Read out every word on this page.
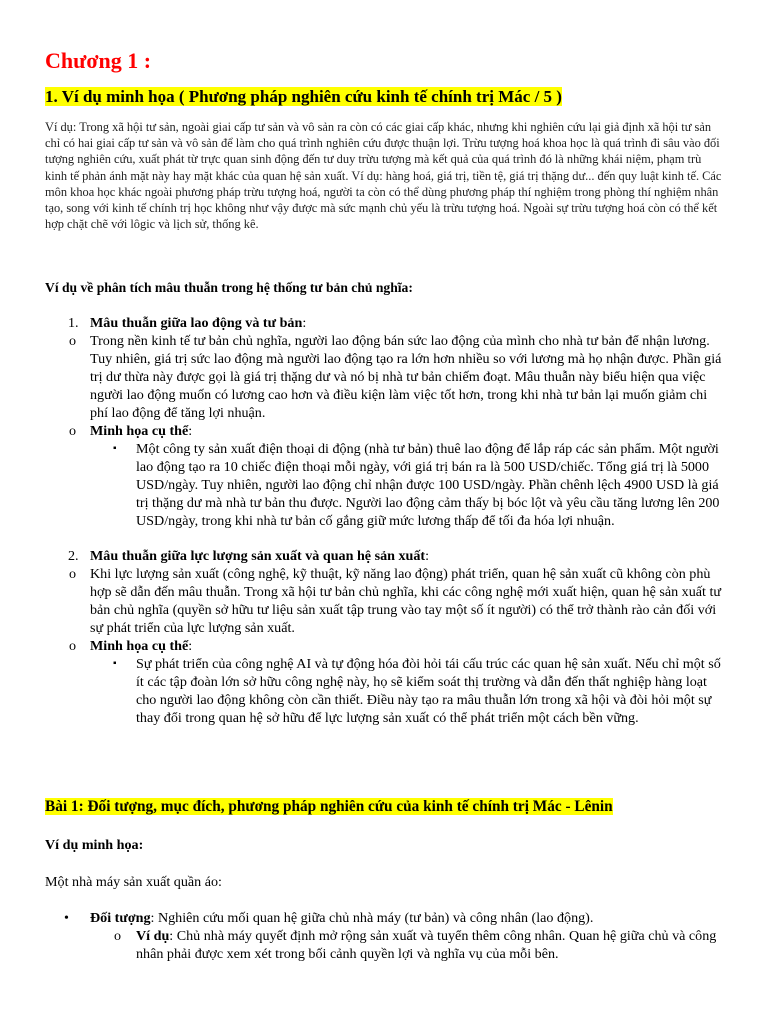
Chương 1 :
1. Ví dụ minh họa ( Phương pháp nghiên cứu kinh tế chính trị Mác / 5 )

Ví dụ: Trong xã hội tư sản, ngoài giai cấp tư sản và vô sản ra còn có các giai cấp khác, nhưng khi nghiên cứu lại giả định xã hội tư sản chỉ có hai giai cấp tư sản và vô sản để làm cho quá trình nghiên cứu được thuận lợi. Trừu tượng hoá khoa học là quá trình đi sâu vào đối tượng nghiên cứu, xuất phát từ trực quan sinh động đến tư duy trừu tượng mà kết quả của quá trình đó là những khái niệm, phạm trù kinh tế phản ánh mặt này hay mặt khác của quan hệ sản xuất. Ví dụ: hàng hoá, giá trị, tiền tệ, giá trị thặng dư... đến quy luật kinh tế. Các môn khoa học khác ngoài phương pháp trừu tượng hoá, người ta còn có thể dùng phương pháp thí nghiệm trong phòng thí nghiệm nhân tạo, song với kinh tế chính trị học không như vậy được mà sức mạnh chủ yếu là trừu tượng hoá. Ngoài sự trừu tượng hoá còn có thể kết hợp chặt chẽ với lôgic và lịch sử, thống kê.

Ví dụ về phân tích mâu thuẫn trong hệ thống tư bản chủ nghĩa:

1. Mâu thuẫn giữa lao động và tư bản:
o Trong nền kinh tế tư bản chủ nghĩa, người lao động bán sức lao động của mình cho nhà tư bản để nhận lương. Tuy nhiên, giá trị sức lao động mà người lao động tạo ra lớn hơn nhiều so với lương mà họ nhận được. Phần giá trị dư thừa này được gọi là giá trị thặng dư và nó bị nhà tư bản chiếm đoạt. Mâu thuẫn này biểu hiện qua việc người lao động muốn có lương cao hơn và điều kiện làm việc tốt hơn, trong khi nhà tư bản lại muốn giảm chi phí lao động để tăng lợi nhuận.
o Minh họa cụ thể:
▪ Một công ty sản xuất điện thoại di động (nhà tư bản) thuê lao động để lắp ráp các sản phẩm. Một người lao động tạo ra 10 chiếc điện thoại mỗi ngày, với giá trị bán ra là 500 USD/chiếc. Tổng giá trị là 5000 USD/ngày. Tuy nhiên, người lao động chỉ nhận được 100 USD/ngày. Phần chênh lệch 4900 USD là giá trị thặng dư mà nhà tư bản thu được. Người lao động cảm thấy bị bóc lột và yêu cầu tăng lương lên 200 USD/ngày, trong khi nhà tư bản cố gắng giữ mức lương thấp để tối đa hóa lợi nhuận.
2. Mâu thuẫn giữa lực lượng sản xuất và quan hệ sản xuất:
o Khi lực lượng sản xuất (công nghệ, kỹ thuật, kỹ năng lao động) phát triển, quan hệ sản xuất cũ không còn phù hợp sẽ dẫn đến mâu thuẫn. Trong xã hội tư bản chủ nghĩa, khi các công nghệ mới xuất hiện, quan hệ sản xuất tư bản chủ nghĩa (quyền sở hữu tư liệu sản xuất tập trung vào tay một số ít người) có thể trở thành rào cản đối với sự phát triển của lực lượng sản xuất.
o Minh họa cụ thể:
▪ Sự phát triển của công nghệ AI và tự động hóa đòi hỏi tái cấu trúc các quan hệ sản xuất. Nếu chỉ một số ít các tập đoàn lớn sở hữu công nghệ này, họ sẽ kiểm soát thị trường và dẫn đến thất nghiệp hàng loạt cho người lao động không còn cần thiết. Điều này tạo ra mâu thuẫn lớn trong xã hội và đòi hỏi một sự thay đổi trong quan hệ sở hữu để lực lượng sản xuất có thể phát triển một cách bền vững.
Bài 1: Đối tượng, mục đích, phương pháp nghiên cứu của kinh tế chính trị Mác - Lênin

Ví dụ minh họa:

Một nhà máy sản xuất quần áo:

• Đối tượng: Nghiên cứu mối quan hệ giữa chủ nhà máy (tư bản) và công nhân (lao động).
o Ví dụ: Chủ nhà máy quyết định mở rộng sản xuất và tuyển thêm công nhân. Quan hệ giữa chủ và công nhân phải được xem xét trong bối cảnh quyền lợi và nghĩa vụ của mỗi bên.
